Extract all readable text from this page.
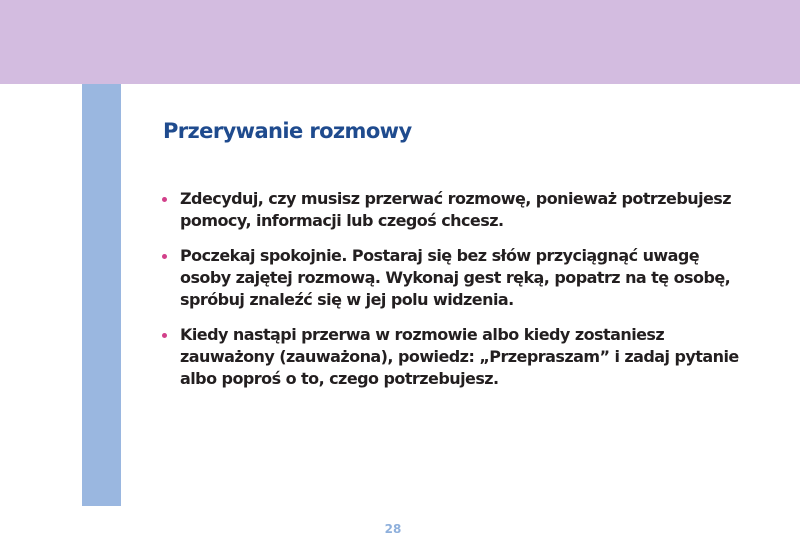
Przerywanie rozmowy
Zdecyduj, czy musisz przerwać rozmowę, ponieważ potrzebujesz
pomocy, informacji lub czegoś chcesz.
Poczekaj spokojnie. Postaraj się bez słów przyciągnąć uwagę
osoby zajętej rozmową. Wykonaj gest ręką, popatrz na tę osobę,
spróbuj znaleźć się w jej polu widzenia.
Kiedy nastąpi przerwa w rozmowie albo kiedy zostaniesz
zauważony (zauważona), powiedz: „Przepraszam” i zadaj pytanie
albo poproś o to, czego potrzebujesz.
28
